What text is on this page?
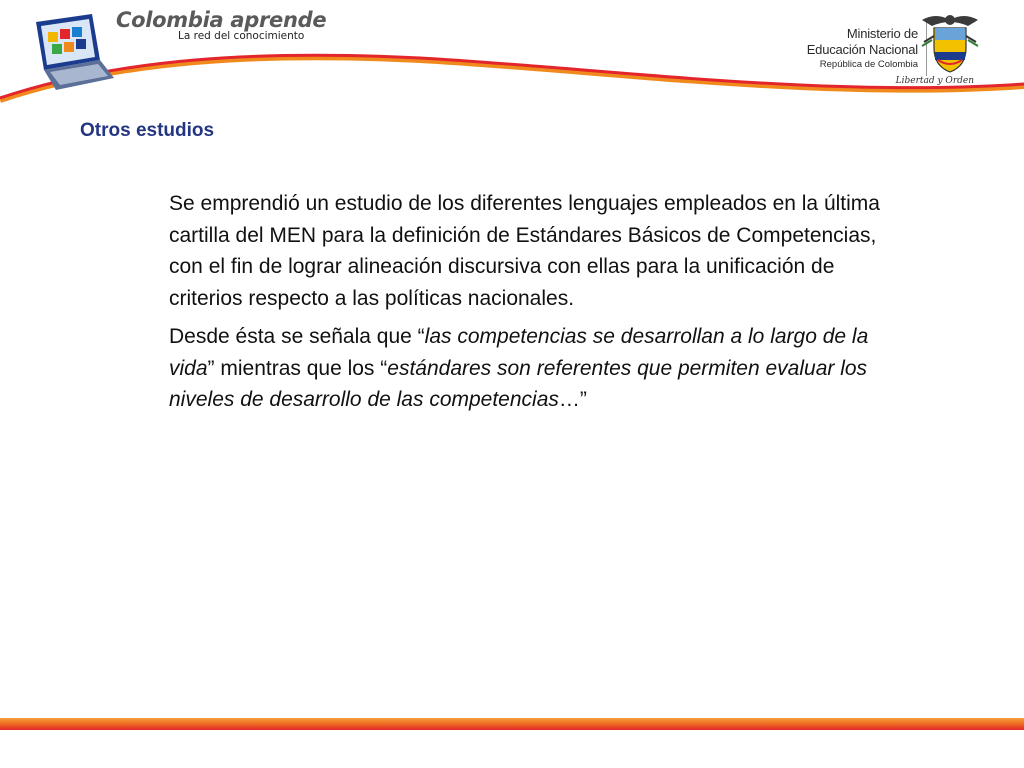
Colombia aprende
La red del conocimiento	Ministerio de
Educación Nacional
República de Colombia
Libertad y Orden
Otros estudios

Se emprendió un estudio de los diferentes lenguajes empleados en la última cartilla del MEN para la definición de Estándares Básicos de Competencias, con el fin de lograr alineación discursiva con ellas para la unificación de criterios respecto a las políticas nacionales.

Desde ésta se señala que “las competencias se desarrollan a lo largo de la vida” mientras que los “estándares son referentes que permiten evaluar los niveles de desarrollo de las competencias…”
